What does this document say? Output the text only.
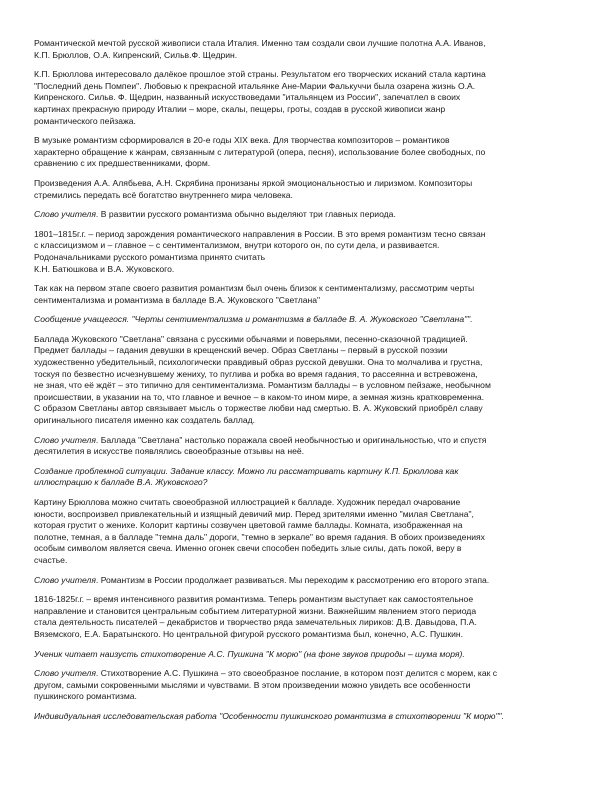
Романтической мечтой русской живописи стала Италия. Именно там создали свои лучшие полотна А.А. Иванов,
К.П. Брюллов, О.А. Кипренский, Сильв.Ф. Щедрин.

К.П. Брюллова интересовало далёкое прошлое этой страны. Результатом его творческих исканий стала картина
"Последний день Помпеи". Любовью к прекрасной итальянке Ане-Марии Фалькуччи была озарена жизнь О.А.
Кипренского. Сильв. Ф. Щедрин, названный искусствоведами "итальянцем из России", запечатлел в своих
картинах прекрасную природу Италии – море, скалы, пещеры, гроты, создав в русской живописи жанр
романтического пейзажа.

В музыке романтизм сформировался в 20-е годы XIX века. Для творчества композиторов – романтиков
характерно обращение к жанрам, связанным с литературой (опера, песня), использование более свободных, по
сравнению с их предшественниками, форм.

Произведения А.А. Алябьева, А.Н. Скрябина пронизаны яркой эмоциональностью и лиризмом. Композиторы
стремились передать всё богатство внутреннего мира человека.

Слово учителя. В развитии русского романтизма обычно выделяют три главных периода.

1801–1815г.г. – период зарождения романтического направления в России. В это время романтизм тесно связан
с классицизмом и – главное – с сентиментализмом, внутри которого он, по сути дела, и развивается.
Родоначальниками русского романтизма принято считать
К.Н. Батюшкова и В.А. Жуковского.

Так как на первом этапе своего развития романтизм был очень близок к сентиментализму, рассмотрим черты
сентиментализма и романтизма в балладе В.А. Жуковского "Светлана"

Сообщение учащегося. "Черты сентиментализма и романтизма в балладе В. А. Жуковского "Светлана"".

Баллада Жуковского "Светлана" связана с русскими обычаями и поверьями, песенно-сказочной традицией.
Предмет баллады – гадания девушки в крещенский вечер. Образ Светланы – первый в русской поэзии
художественно убедительный, психологически правдивый образ русской девушки. Она то молчалива и грустна,
тоскуя по безвестно исчезнувшему жениху, то пуглива и робка во время гадания, то рассеянна и встревожена,
не зная, что её ждёт – это типично для сентиментализма. Романтизм баллады – в условном пейзаже, необычном
происшествии, в указании на то, что главное и вечное – в каком-то ином мире, а земная жизнь кратковременна.
С образом Светланы автор связывает мысль о торжестве любви над смертью. В. А. Жуковский приобрёл славу
оригинального писателя именно как создатель баллад.

Слово учителя. Баллада "Светлана" настолько поражала своей необычностью и оригинальностью, что и спустя
десятилетия в искусстве появлялись своеобразные отзывы на неё.

Создание проблемной ситуации. Задание классу. Можно ли рассматривать картину К.П. Брюллова как
иллюстрацию к балладе В.А. Жуковского?

Картину Брюллова можно считать своеобразной иллюстрацией к балладе. Художник передал очарование
юности, воспроизвел привлекательный и изящный девичий мир. Перед зрителями именно "милая Светлана",
которая грустит о женихе. Колорит картины созвучен цветовой гамме баллады. Комната, изображенная на
полотне, темная, а в балладе "темна даль" дороги, "темно в зеркале" во время гадания. В обоих произведениях
особым символом является свеча. Именно огонек свечи способен победить злые силы, дать покой, веру в
счастье.

Слово учителя. Романтизм в России продолжает развиваться. Мы переходим к рассмотрению его второго этапа.

1816-1825г.г. – время интенсивного развития романтизма. Теперь романтизм выступает как самостоятельное
направление и становится центральным событием литературной жизни. Важнейшим явлением этого периода
стала деятельность писателей – декабристов и творчество ряда замечательных лириков: Д.В. Давыдова, П.А.
Вяземского, Е.А. Баратынского. Но центральной фигурой русского романтизма был, конечно, А.С. Пушкин.

Ученик читает наизусть стихотворение А.С. Пушкина "К морю" (на фоне звуков природы – шума моря).

Слово учителя. Стихотворение А.С. Пушкина – это своеобразное послание, в котором поэт делится с морем, как с
другом, самыми сокровенными мыслями и чувствами. В этом произведении можно увидеть все особенности
пушкинского романтизма.

Индивидуальная исследовательская работа "Особенности пушкинского романтизма в стихотворении "К морю"".
